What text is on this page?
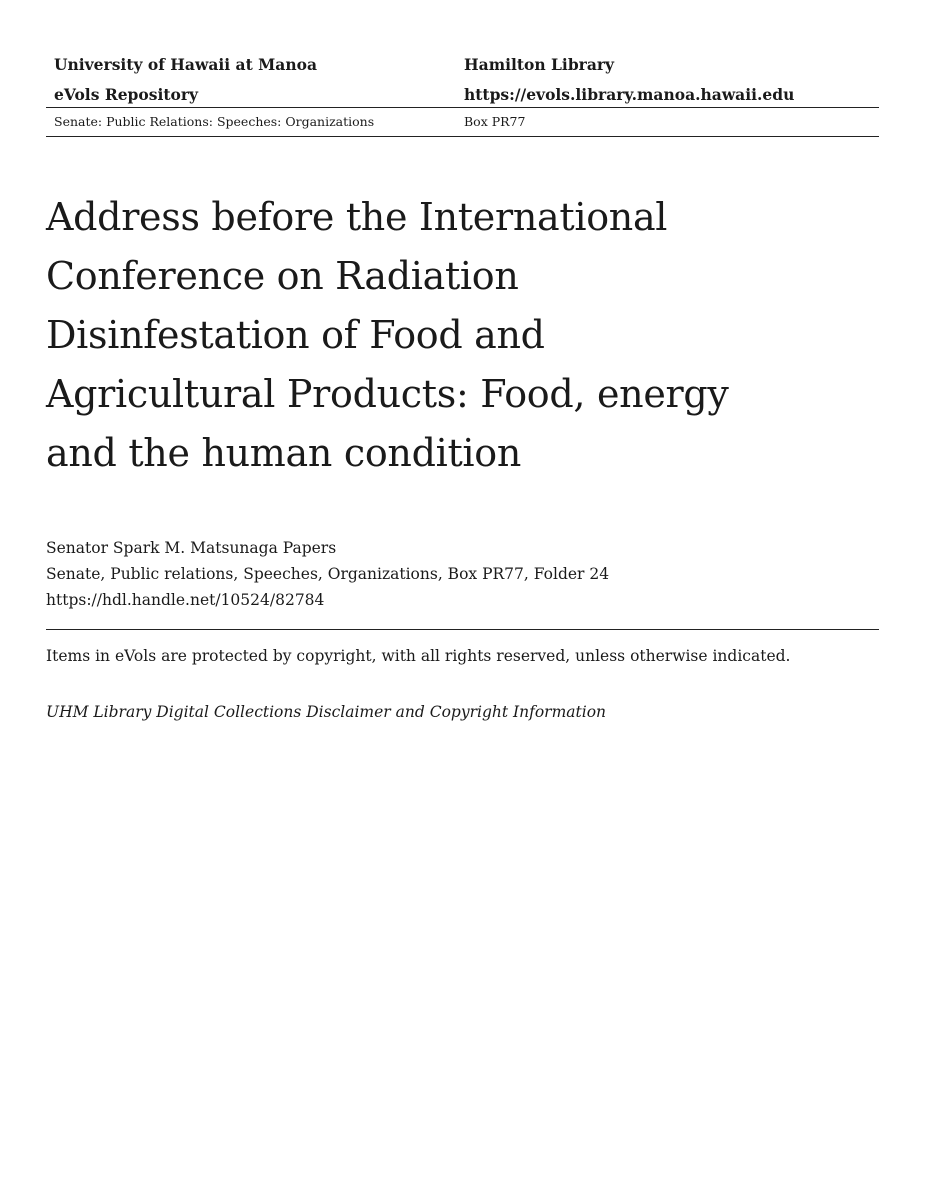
University of Hawaii at Manoa	Hamilton Library
eVols Repository	https://evols.library.manoa.hawaii.edu
Senate: Public Relations: Speeches: Organizations	Box PR77
Address before the International Conference on Radiation Disinfestation of Food and Agricultural Products: Food, energy and the human condition
Senator Spark M. Matsunaga Papers
Senate, Public relations, Speeches, Organizations, Box PR77, Folder 24
https://hdl.handle.net/10524/82784
Items in eVols are protected by copyright, with all rights reserved, unless otherwise indicated.
UHM Library Digital Collections Disclaimer and Copyright Information
